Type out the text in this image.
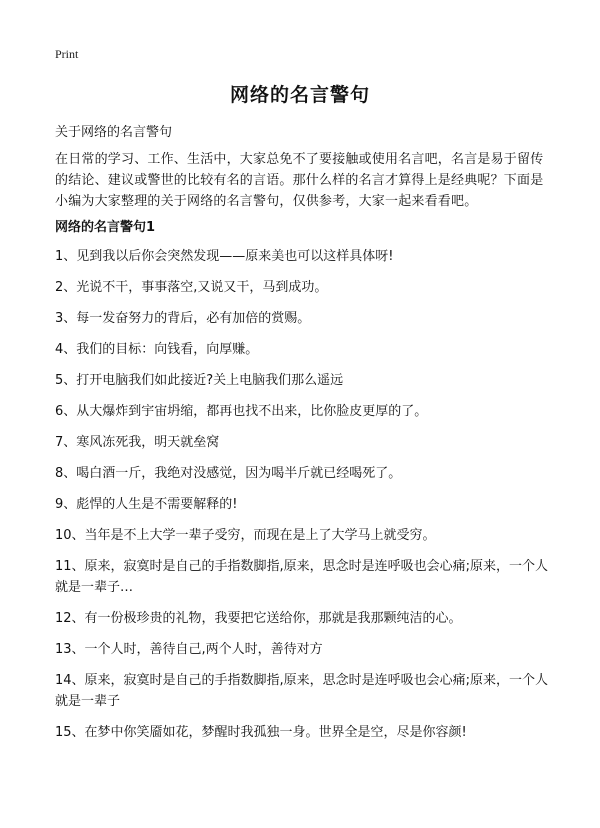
Print
网络的名言警句

关于网络的名言警句

在日常的学习、工作、生活中，大家总免不了要接触或使用名言吧，名言是易于留传的结论、建议或警世的比较有名的言语。那什么样的名言才算得上是经典呢？下面是小编为大家整理的关于网络的名言警句，仅供参考，大家一起来看看吧。

网络的名言警句1

1、见到我以后你会突然发现——原来美也可以这样具体呀!
2、光说不干，事事落空,又说又干，马到成功。
3、每一发奋努力的背后，必有加倍的赏赐。
4、我们的目标：向钱看，向厚赚。
5、打开电脑我们如此接近?关上电脑我们那么遥远
6、从大爆炸到宇宙坍缩，都再也找不出来，比你脸皮更厚的了。
7、寒风冻死我，明天就垒窝
8、喝白酒一斤，我绝对没感觉，因为喝半斤就已经喝死了。
9、彪悍的人生是不需要解释的!
10、当年是不上大学一辈子受穷，而现在是上了大学马上就受穷。
11、原来，寂寞时是自己的手指数脚指,原来，思念时是连呼吸也会心痛;原来，一个人就是一辈子…
12、有一份极珍贵的礼物，我要把它送给你，那就是我那颗纯洁的心。
13、一个人时，善待自己,两个人时，善待对方
14、原来，寂寞时是自己的手指数脚指,原来，思念时是连呼吸也会心痛;原来，一个人就是一辈子
15、在梦中你笑靥如花，梦醒时我孤独一身。世界全是空，尽是你容颜!
